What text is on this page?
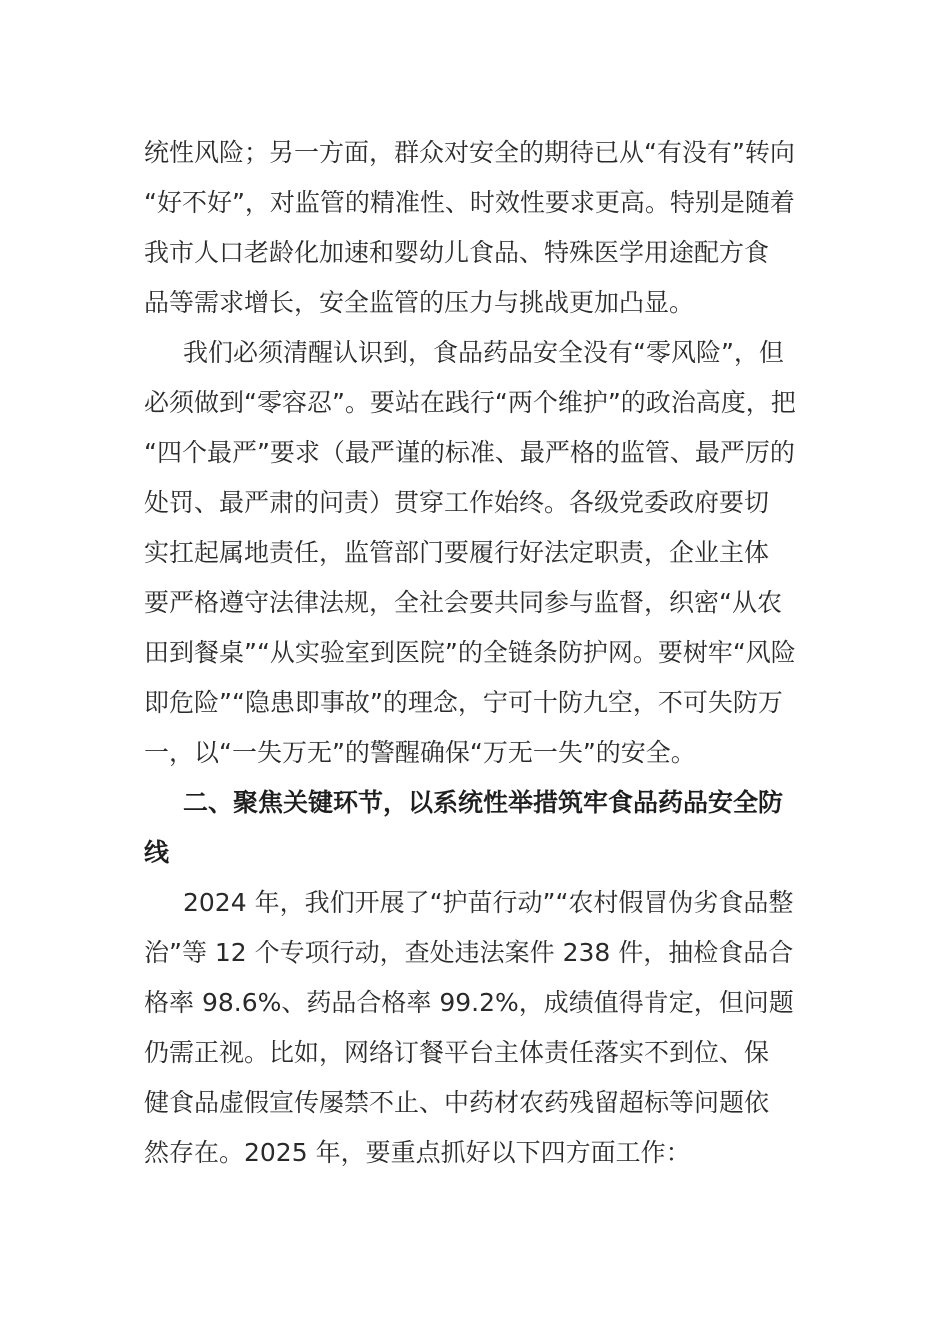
统性风险；另一方面，群众对安全的期待已从“有没有”转向
“好不好”，对监管的精准性、时效性要求更高。特别是随着
我市人口老龄化加速和婴幼儿食品、特殊医学用途配方食
品等需求增长，安全监管的压力与挑战更加凸显。
我们必须清醒认识到，食品药品安全没有“零风险”，但
必须做到“零容忍”。要站在践行“两个维护”的政治高度，把
“四个最严”要求（最严谨的标准、最严格的监管、最严厉的
处罚、最严肃的问责）贯穿工作始终。各级党委政府要切
实扛起属地责任，监管部门要履行好法定职责，企业主体
要严格遵守法律法规，全社会要共同参与监督，织密“从农
田到餐桌”“从实验室到医院”的全链条防护网。要树牢“风险
即危险”“隐患即事故”的理念，宁可十防九空，不可失防万
一，以“一失万无”的警醒确保“万无一失”的安全。
二、聚焦关键环节，以系统性举措筑牢食品药品安全防
线
2024 年，我们开展了“护苗行动”“农村假冒伪劣食品整
治”等 12 个专项行动，查处违法案件 238 件，抽检食品合
格率 98.6%、药品合格率 99.2%，成绩值得肯定，但问题
仍需正视。比如，网络订餐平台主体责任落实不到位、保
健食品虚假宣传屡禁不止、中药材农药残留超标等问题依
然存在。2025 年，要重点抓好以下四方面工作：
